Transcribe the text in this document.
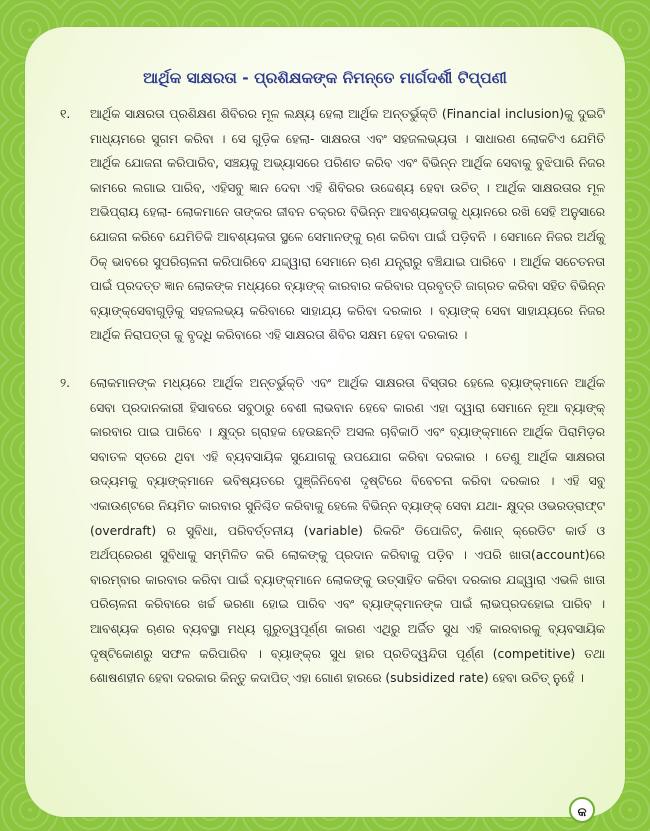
ଆର୍ଥିକ ସାକ୍ଷରତା - ପ୍ରଶିକ୍ଷକଙ୍କ ନିମନ୍ତେ ମାର୍ଗଦର୍ଶୀ ଟିପ୍ପଣୀ
୧.	ଆର୍ଥିକ ସାକ୍ଷରତା ପ୍ରଶିକ୍ଷଣ ଶିବିରର ମୂଳ ଲକ୍ଷ୍ୟ ହେଲା ଆର୍ଥିକ ଅନ୍ତର୍ଭୁକ୍ତି (Financial inclusion)କୁ ଦୁଇଟି ମାଧ୍ୟମରେ ସୁଗମ କରିବା । ସେ ଗୁଡ଼ିକ ହେଲା- ସାକ୍ଷରତା ଏବଂ ସହଜଲଭ୍ୟତା । ସାଧାରଣ ଲୋକଟିଏ ଯେମିତି ଆର୍ଥିକ ଯୋଜନା କରିପାରିବ, ସଞ୍ଚୟକୁ ଅଭ୍ୟାସରେ ପରିଣତ କରିବ ଏବଂ ବିଭିନ୍ନ ଆର୍ଥିକ ସେବାକୁ ବୁଝିପାରି ନିଜର କାମରେ ଲଗାଇ ପାରିବ, ଏହିସବୁ ଜ୍ଞାନ ଦେବା ଏହି ଶିବିରର ଉଦ୍ଦେଶ୍ୟ ହେବା ଉଚିତ୍ । ଆର୍ଥିକ ସାକ୍ଷରତାର ମୂଳ ଅଭିପ୍ରାୟ ହେଲା- ଲୋକମାନେ ତାଙ୍କର ଜୀବନ ଚକ୍ରର ବିଭିନ୍ନ ଆବଶ୍ୟକତାକୁ ଧ୍ୟାନରେ ରଖି ସେହି ଅନୁସାରେ ଯୋଜନା କରିବେ ଯେମିତିକି ଆବଶ୍ୟକତା ସ୍ଥଳେ ସେମାନଙ୍କୁ ଋଣ କରିବା ପାଇଁ ପଡ଼ିବନି । ସେମାନେ ନିଜର ଅର୍ଥକୁ ଠିକ୍ ଭାବରେ ସୁପରିଚାଳନା କରିପାରିବେ ଯଦ୍ଦ୍ୱାରା ସେମାନେ ଋଣ ଯନ୍ତ୍ରାରୁ ବଞ୍ଚିଯାଇ ପାରିବେ । ଆର୍ଥିକ ସଚେତନତା ପାଇଁ ପ୍ରଦତ୍ତ ଜ୍ଞାନ ଲୋକଙ୍କ ମଧ୍ୟରେ ବ୍ୟାଙ୍କ୍ କାରବାର କରିବାର ପ୍ରବୃତ୍ତି ଜାଗ୍ରତ କରିବା ସହିତ ବିଭିନ୍ନ ବ୍ୟାଙ୍କ୍‌ସେବାଗୁଡ଼ିକୁ ସହଜଲଭ୍ୟ କରିବାରେ ସାହାଯ୍ୟ କରିବା ଦରକାର । ବ୍ୟାଙ୍କ୍ ସେବା ସାହାଯ୍ୟରେ ନିଜର ଆର୍ଥିକ ନିରାପତ୍ତା କୁ ବୃଦ୍ଧି କରିବାରେ ଏହି ସାକ୍ଷରତା ଶିବିର ସକ୍ଷମ ହେବା ଦରକାର ।
୨.	ଲୋକମାନଙ୍କ ମଧ୍ୟରେ ଆର୍ଥିକ ଅନ୍ତର୍ଭୁକ୍ତି ଏବଂ ଆର୍ଥିକ ସାକ୍ଷରତା ବିସ୍ତାର ହେଲେ ବ୍ୟାଙ୍କ୍‌ମାନେ ଆର୍ଥିକ ସେବା ପ୍ରଦାନକାରୀ ହିସାବରେ ସବୁଠାରୁ ବେଶୀ ଲାଭବାନ ହେବେ କାରଣ ଏହା ଦ୍ୱାରା ସେମାନେ ନୂଆ ବ୍ୟାଙ୍କ୍ କାରବାର ପାଇ ପାରିବେ । କ୍ଷୁଦ୍ର ଗ୍ରାହକ ହେଉଛନ୍ତି ଅସଲ ଚାବିକାଠି ଏବଂ ବ୍ୟାଙ୍କ୍‌ମାନେ ଆର୍ଥିକ ପିରାମିଡ଼ର ସବାତଳ ସ୍ତରେ ଥିବା ଏହି ବ୍ୟବସାୟିକ ସୁଯୋଗକୁ ଉପଯୋଗ କରିବା ଦରକାର । ତେଣୁ ଆର୍ଥିକ ସାକ୍ଷରତା ଉଦ୍ୟମକୁ ବ୍ୟାଙ୍କ୍‌ମାନେ ଭବିଷ୍ୟତରେ ପୁଞ୍ଜିନିବେଶ ଦୃଷ୍ଟିରେ ବିବେଚନା କରିବା ଦରକାର । ଏହି ସବୁ ଏକାଉଣ୍ଟରେ ନିୟମିତ କାରବାର ସୁନିଶ୍ଚିତ କରିବାକୁ ହେଲେ ବିଭିନ୍ନ ବ୍ୟାଙ୍କ୍ ସେବା ଯଥା- କ୍ଷୁଦ୍ର ଓଭରଡ୍ରାଫ୍ଟ (overdraft) ର ସୁବିଧା, ପରିବର୍ତ୍ତନୀୟ (variable) ରିକରିଂ ଡିପୋଜିଟ୍, କିଶାନ୍ କ୍ରେଡିଟ କାର୍ଡ ଓ ଅର୍ଥପ୍ରେରଣ ସୁବିଧାକୁ ସମ୍ମିଳିତ କରି ଲୋକଙ୍କୁ ପ୍ରଦାନ କରିବାକୁ ପଡ଼ିବ । ଏପରି ଖାତା(account)ରେ ବାରମ୍ବାର କାରବାର କରିବା ପାଇଁ ବ୍ୟାଙ୍କ୍‌ମାନେ ଲୋକଙ୍କୁ ଉତ୍ସାହିତ କରିବା ଦରକାର ଯଦ୍ଦ୍ୱାରା ଏଭଳି ଖାତା ପରିଚାଳନା କରିବାରେ ଖର୍ଚ୍ଚ ଭରଣା ହୋଇ ପାରିବ ଏବଂ ବ୍ୟାଙ୍କ୍‌ମାନଙ୍କ ପାଇଁ ଲାଭପ୍ରଦହୋଇ ପାରିବ । ଆବଶ୍ୟକ ଋଣର ବ୍ୟବସ୍ଥା ମଧ୍ୟ ଗୁରୁତ୍ୱପୂର୍ଣ୍ଣ କାରଣ ଏଥିରୁ ଅର୍ଜିତ ସୁଧ ଏହି କାରବାରକୁ ବ୍ୟବସାୟିକ ଦୃଷ୍ଟିକୋଣରୁ ସଫଳ କରିପାରିବ । ବ୍ୟାଙ୍କ୍‌ର ସୁଧ ହାର ପ୍ରତିଦ୍ୱନ୍ଦିତା ପୂର୍ଣ୍ଣ (competitive) ତଥା ଶୋଷଣହୀନ ହେବା ଦରକାର କିନ୍ତୁ କଦାପିତ୍ ଏହା ଗୋଣ ହାରରେ (subsidized rate) ହେବା ଉଚିତ୍ ନୁହେଁ ।
କ
